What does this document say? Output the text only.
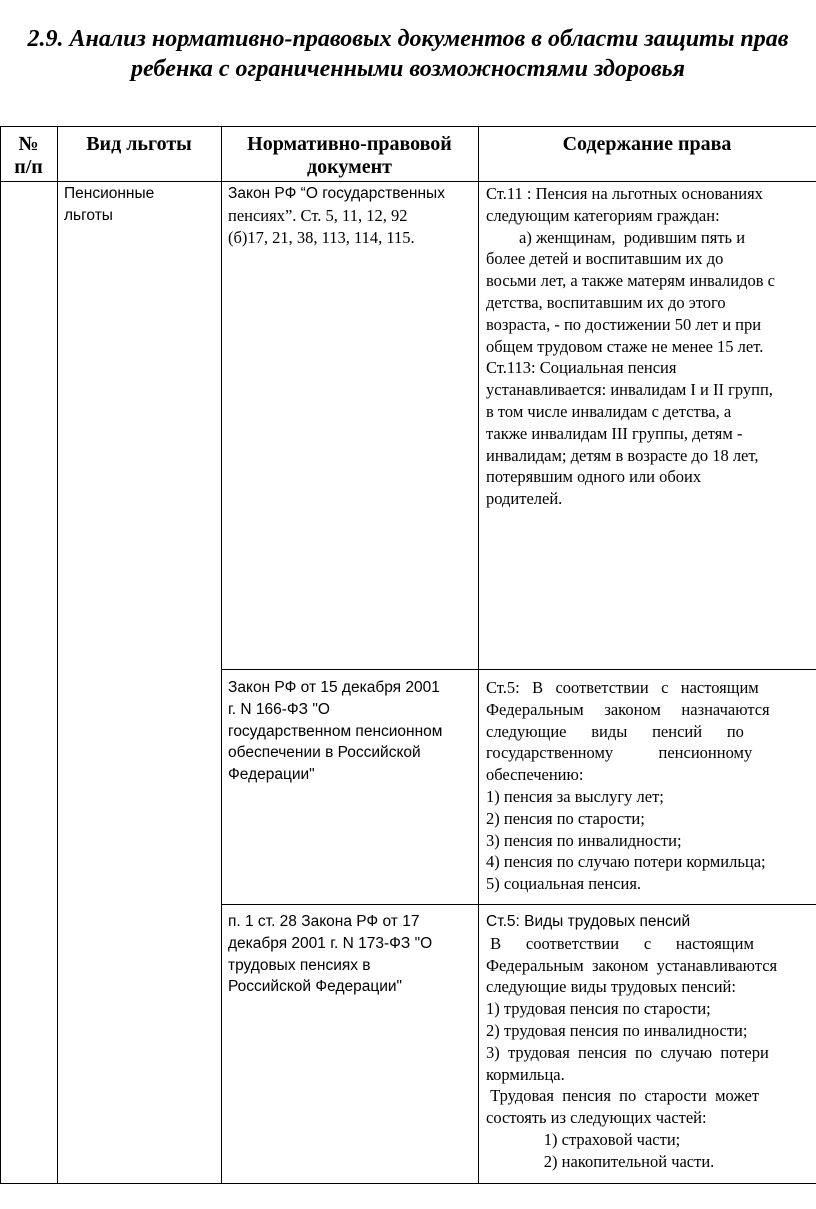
2.9. Анализ нормативно-правовых документов в области защиты прав
ребенка с ограниченными возможностями здоровья
№
п/п
Вид льготы	Нормативно-правовой
документ
Содержание права
Пенсионные
льготы
Закон РФ “О государственных
пенсиях”. Ст. 5, 11, 12, 92
(б)17, 21, 38, 113, 114, 115.
Ст.11 : Пенсия на льготных основаниях
следующим категориям граждан:
а) женщинам,  родившим пять и
более детей и воспитавшим их до
восьми лет, а также матерям инвалидов с
детства, воспитавшим их до этого
возраста, - по достижении 50 лет и при
общем трудовом стаже не менее 15 лет.
Ст.113: Социальная пенсия
устанавливается: инвалидам I и II групп,
в том числе инвалидам с детства, а
также инвалидам III группы, детям -
инвалидам; детям в возрасте до 18 лет,
потерявшим одного или обоих
родителей.
Закон РФ от 15 декабря 2001
г. N 166-ФЗ "О
государственном пенсионном
обеспечении в Российской
Федерации"
Ст.5:   В   соответствии   с   настоящим
Федеральным     законом     назначаются
следующие      виды      пенсий      по
государственному           пенсионному
обеспечению:
1) пенсия за выслугу лет;
2) пенсия по старости;
3) пенсия по инвалидности;
4) пенсия по случаю потери кормильца;
5) социальная пенсия.
п. 1 ст. 28 Закона РФ от 17
декабря 2001 г. N 173-ФЗ "О
трудовых пенсиях в
Российской Федерации"
Ст.5: Виды трудовых пенсий
В      соответствии      с      настоящим
Федеральным  законом  устанавливаются
следующие виды трудовых пенсий:
1) трудовая пенсия по старости;
2) трудовая пенсия по инвалидности;
3)  трудовая  пенсия  по  случаю  потери
кормильца.
Трудовая  пенсия  по  старости  может
состоять из следующих частей:
1) страховой части;
2) накопительной части.
